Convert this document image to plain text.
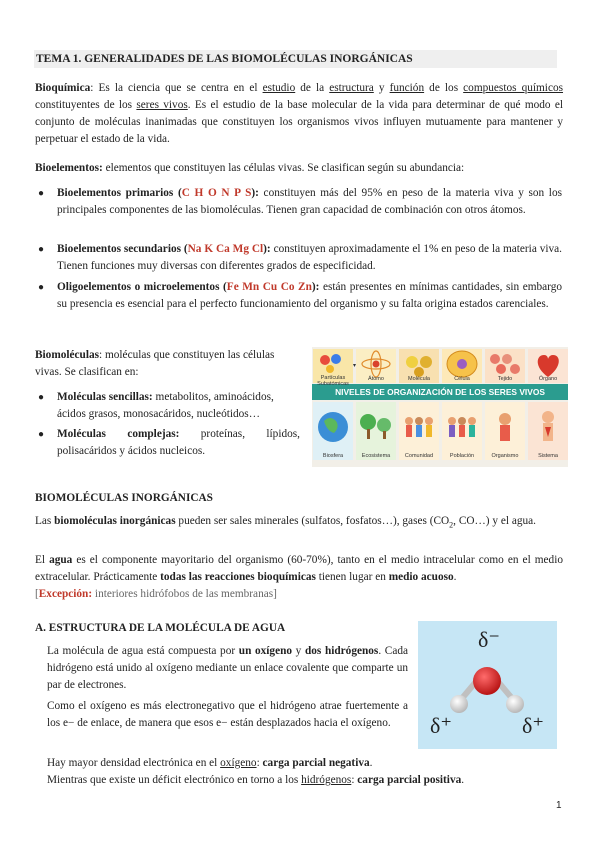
TEMA 1. GENERALIDADES DE LAS BIOMOLÉCULAS INORGÁNICAS
Bioquímica: Es la ciencia que se centra en el estudio de la estructura y función de los compuestos químicos constituyentes de los seres vivos. Es el estudio de la base molecular de la vida para determinar de qué modo el conjunto de moléculas inanimadas que constituyen los organismos vivos influyen mutuamente para mantener y perpetuar el estado de la vida.
Bioelementos: elementos que constituyen las células vivas. Se clasifican según su abundancia:
● Bioelementos primarios (C H O N P S): constituyen más del 95% en peso de la materia viva y son los principales componentes de las biomoléculas. Tienen gran capacidad de combinación con otros átomos.
● Bioelementos secundarios (Na K Ca Mg Cl): constituyen aproximadamente el 1% en peso de la materia viva. Tienen funciones muy diversas con diferentes grados de especificidad.
● Oligoelementos o microelementos (Fe Mn Cu Co Zn): están presentes en mínimas cantidades, sin embargo su presencia es esencial para el perfecto funcionamiento del organismo y su falta origina estados carenciales.
Biomoléculas: moléculas que constituyen las células vivas. Se clasifican en:
● Moléculas sencillas: metabolitos, aminoácidos, ácidos grasos, monosacáridos, nucleótidos…
● Moléculas complejas: proteínas, lípidos, polisacáridos y ácidos nucleicos.
NIVELES DE ORGANIZACIÓN DE LOS SERES VIVOS
Partículas Subatómicas
Átomo	Molécula	Célula	Tejido	Órgano
Biosfera	Ecosistema	Comunidad	Población	Organismo	Sistema
BIOMOLÉCULAS INORGÁNICAS
Las biomoléculas inorgánicas pueden ser sales minerales (sulfatos, fosfatos…), gases ($CO_2$, CO…) y el agua.
El agua es el componente mayoritario del organismo (60-70%), tanto en el medio intracelular como en el medio extracelular. Prácticamente todas las reacciones bioquímicas tienen lugar en medio acuoso.
[Excepción: interiores hidrófobos de las membranas]
A. ESTRUCTURA DE LA MOLÉCULA DE AGUA
La molécula de agua está compuesta por un oxígeno y dos hidrógenos. Cada hidrógeno está unido al oxígeno mediante un enlace covalente que comparte un par de electrones.
Como el oxígeno es más electronegativo que el hidrógeno atrae fuertemente a los e− de enlace, de manera que esos e− están desplazados hacia el oxígeno.
Hay mayor densidad electrónica en el oxígeno: carga parcial negativa.
Mientras que existe un déficit electrónico en torno a los hidrógenos: carga parcial positiva.
δ⁻
δ⁺	δ⁺
1
